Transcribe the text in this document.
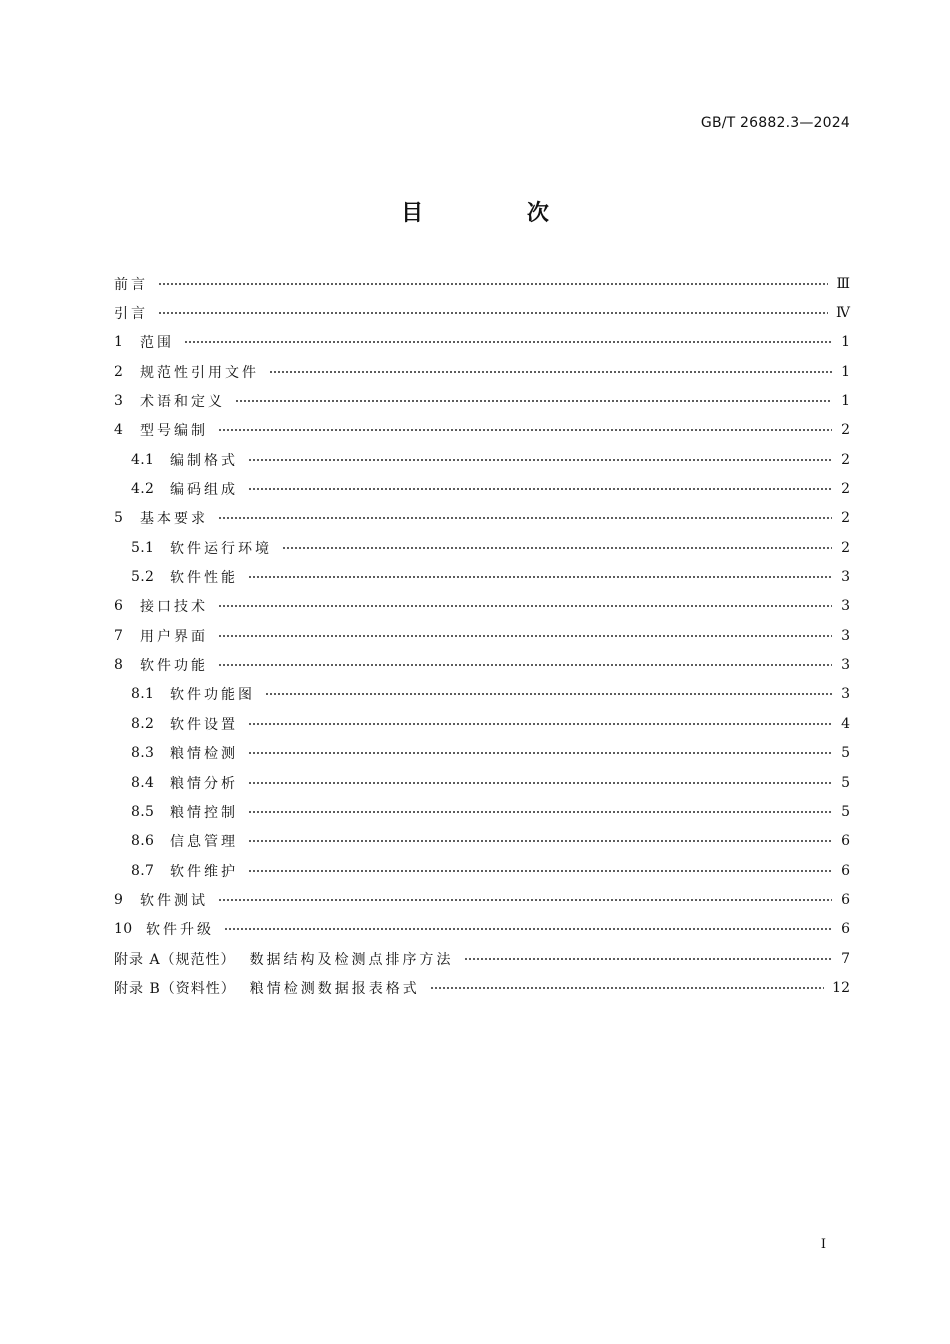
GB/T 26882.3—2024
目 次
前言	Ⅲ
引言	Ⅳ
1	范围	1
2	规范性引用文件	1
3	术语和定义	1
4	型号编制	2
4.1	编制格式	2
4.2	编码组成	2
5	基本要求	2
5.1	软件运行环境	2
5.2	软件性能	3
6	接口技术	3
7	用户界面	3
8	软件功能	3
8.1	软件功能图	3
8.2	软件设置	4
8.3	粮情检测	5
8.4	粮情分析	5
8.5	粮情控制	5
8.6	信息管理	6
8.7	软件维护	6
9	软件测试	6
10 软件升级	6
附录 A（规范性） 数据结构及检测点排序方法	7
附录 B（资料性） 粮情检测数据报表格式	12
Ⅰ
